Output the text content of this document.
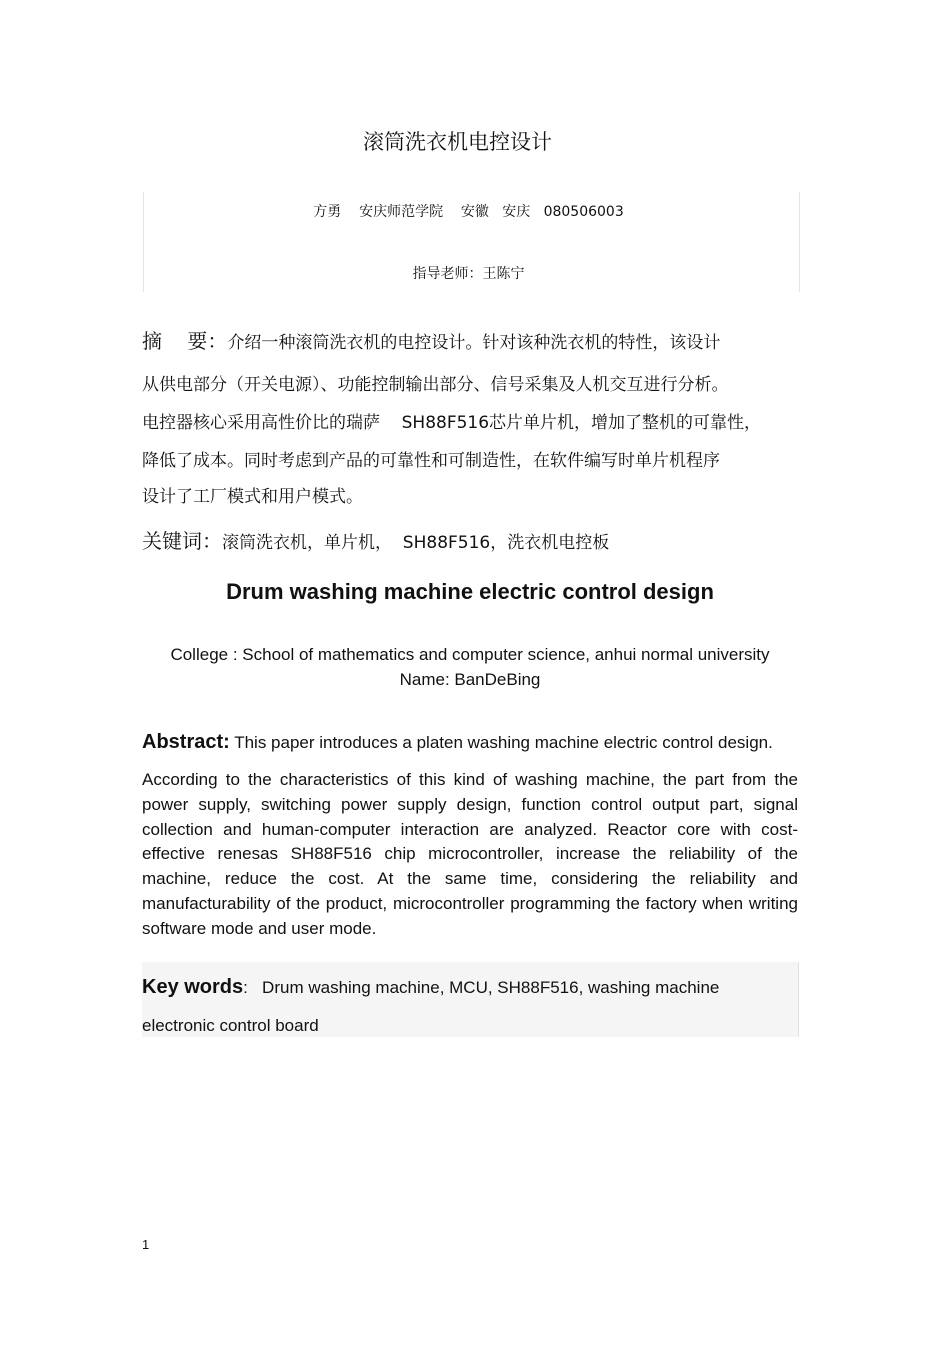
滚筒洗衣机电控设计
方勇    安庆师范学院    安徽   安庆   080506003
指导老师：王陈宁
摘    要：介绍一种滚筒洗衣机的电控设计。针对该种洗衣机的特性，该设计
从供电部分（开关电源）、功能控制输出部分、信号采集及人机交互进行分析。
电控器核心采用高性价比的瑞萨    SH88F516芯片单片机，增加了整机的可靠性，
降低了成本。同时考虑到产品的可靠性和可制造性，在软件编写时单片机程序
设计了工厂模式和用户模式。
关键词：滚筒洗衣机，单片机，  SH88F516，洗衣机电控板
Drum washing machine electric control design
College : School of mathematics and computer science, anhui normal university
Name: BanDeBing
Abstract: This paper introduces a platen washing machine electric control design.
According to the characteristics of this kind of washing machine, the part from the power supply, switching power supply design, function control output part, signal collection and human-computer interaction are analyzed. Reactor core with cost-effective renesas SH88F516 chip microcontroller, increase the reliability of the machine, reduce the cost. At the same time, considering the reliability and manufacturability of the product, microcontroller programming the factory when writing software mode and user mode.
Key words:   Drum washing machine, MCU, SH88F516, washing machine
electronic control board
1
